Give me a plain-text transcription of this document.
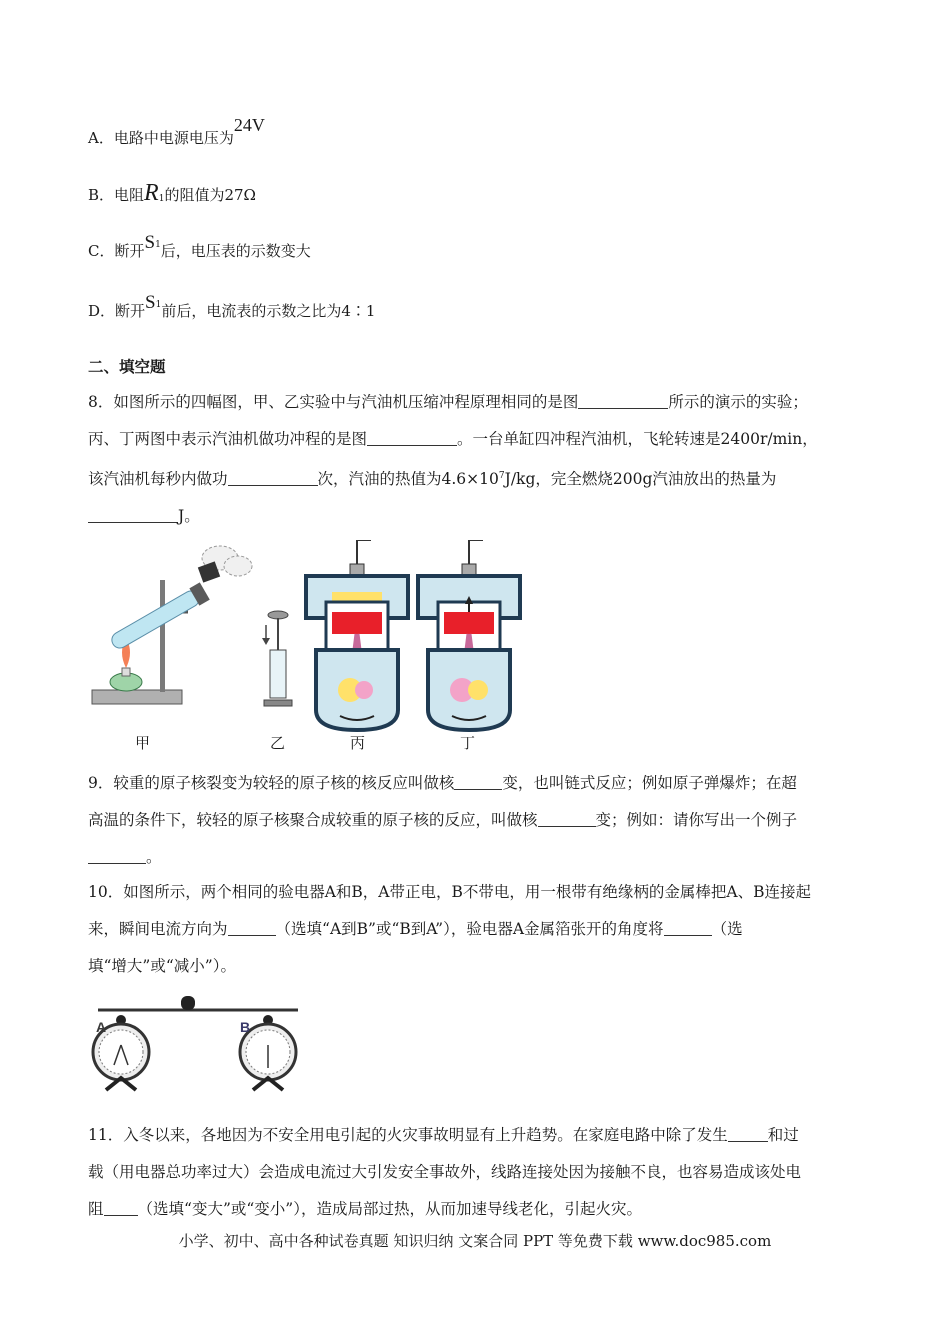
A．电路中电源电压为24V
B．电阻R1的阻值为27Ω
C．断开$S^1$后，电压表的示数变大
D．断开$S^1$前后，电流表的示数之比为4∶1
二、填空题
8．如图所示的四幅图，甲、乙实验中与汽油机压缩冲程原理相同的是图	所示的演示的实验；
丙、丁两图中表示汽油机做功冲程的是图	。一台单缸四冲程汽油机，飞轮转速是2400r/min，
该汽油机每秒内做功	次，汽油的热值为$4.6\times 10^7J/kg$，完全燃烧200g汽油放出的热量为
J。
甲	乙	丙	丁
9．较重的原子核裂变为较轻的原子核的核反应叫做核	变，也叫链式反应；例如原子弹爆炸；在超
高温的条件下，较轻的原子核聚合成较重的原子核的反应，叫做核	变；例如：请你写出一个例子
。
10．如图所示，两个相同的验电器A和B，A带正电，B不带电，用一根带有绝缘柄的金属棒把A、B连接起
来，瞬间电流方向为	（选填“A到B”或“B到A”），验电器A金属箔张开的角度将	（选
填“增大”或“减小”）。
A	B
11．入冬以来，各地因为不安全用电引起的火灾事故明显有上升趋势。在家庭电路中除了发生	和过
载（用电器总功率过大）会造成电流过大引发安全事故外，线路连接处因为接触不良，也容易造成该处电
阻 （选填“变大”或“变小”），造成局部过热，从而加速导线老化，引起火灾。
小学、初中、高中各种试卷真题 知识归纳 文案合同 PPT 等免费下载 www.doc985.com
